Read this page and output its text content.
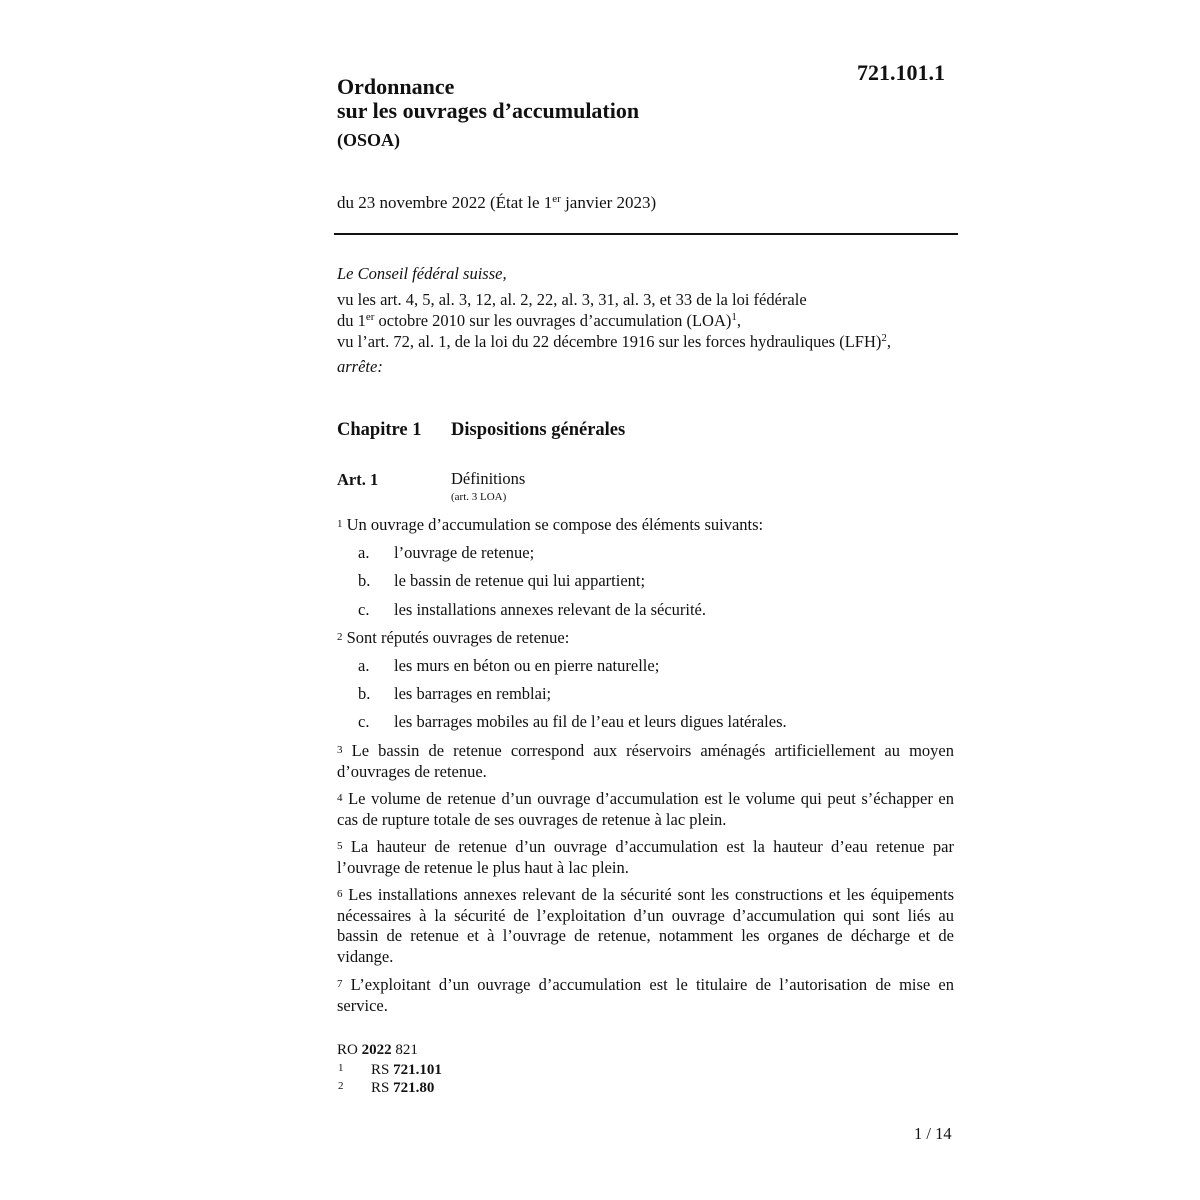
721.101.1
Ordonnance
sur les ouvrages d’accumulation
(OSOA)
du 23 novembre 2022 (État le 1er janvier 2023)
Le Conseil fédéral suisse,
vu les art. 4, 5, al. 3, 12, al. 2, 22, al. 3, 31, al. 3, et 33 de la loi fédérale
du 1er octobre 2010 sur les ouvrages d’accumulation (LOA)$^1$,
vu l’art. 72, al. 1, de la loi du 22 décembre 1916 sur les forces hydrauliques (LFH)$^2$,
arrête:
Chapitre 1 Dispositions générales
Art. 1	Définitions
(art. 3 LOA)
1 Un ouvrage d’accumulation se compose des éléments suivants:
a. l’ouvrage de retenue;
b. le bassin de retenue qui lui appartient;
c. les installations annexes relevant de la sécurité.
2 Sont réputés ouvrages de retenue:
a. les murs en béton ou en pierre naturelle;
b. les barrages en remblai;
c. les barrages mobiles au fil de l’eau et leurs digues latérales.
3 Le bassin de retenue correspond aux réservoirs aménagés artificiellement au moyen d’ouvrages de retenue.
4 Le volume de retenue d’un ouvrage d’accumulation est le volume qui peut s’échapper en cas de rupture totale de ses ouvrages de retenue à lac plein.
5 La hauteur de retenue d’un ouvrage d’accumulation est la hauteur d’eau retenue par l’ouvrage de retenue le plus haut à lac plein.
6 Les installations annexes relevant de la sécurité sont les constructions et les équipements nécessaires à la sécurité de l’exploitation d’un ouvrage d’accumulation qui sont liés au bassin de retenue et à l’ouvrage de retenue, notamment les organes de décharge et de vidange.
7 L’exploitant d’un ouvrage d’accumulation est le titulaire de l’autorisation de mise en service.
RO 2022 821
1 RS 721.101
2 RS 721.80
1 / 14
